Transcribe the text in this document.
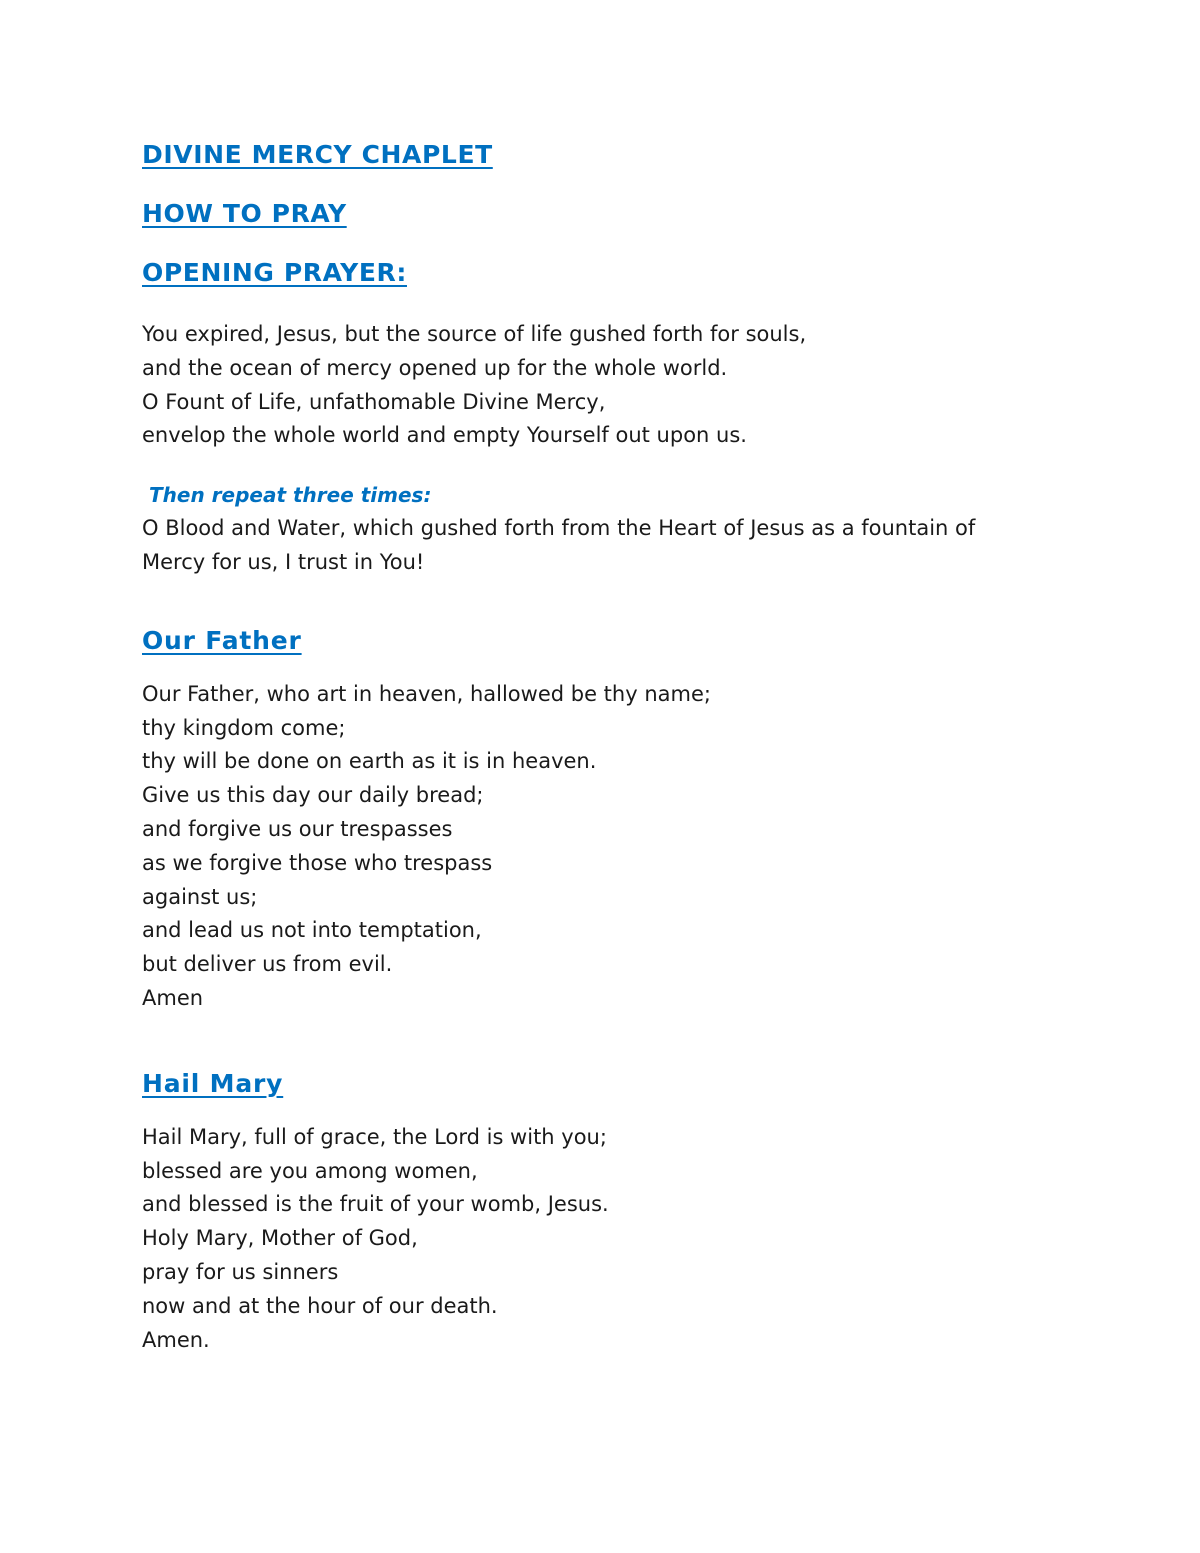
DIVINE MERCY CHAPLET
HOW TO PRAY
OPENING PRAYER:
You expired, Jesus, but the source of life gushed forth for souls,
and the ocean of mercy opened up for the whole world.
O Fount of Life, unfathomable Divine Mercy,
envelop the whole world and empty Yourself out upon us.
Then repeat three times:
O Blood and Water, which gushed forth from the Heart of Jesus as a fountain of Mercy for us, I trust in You!
Our Father
Our Father, who art in heaven, hallowed be thy name;
thy kingdom come;
thy will be done on earth as it is in heaven.
Give us this day our daily bread;
and forgive us our trespasses
as we forgive those who trespass
against us;
and lead us not into temptation,
but deliver us from evil.
Amen
Hail Mary
Hail Mary, full of grace, the Lord is with you;
blessed are you among women,
and blessed is the fruit of your womb, Jesus.
Holy Mary, Mother of God,
pray for us sinners
now and at the hour of our death.
Amen.
